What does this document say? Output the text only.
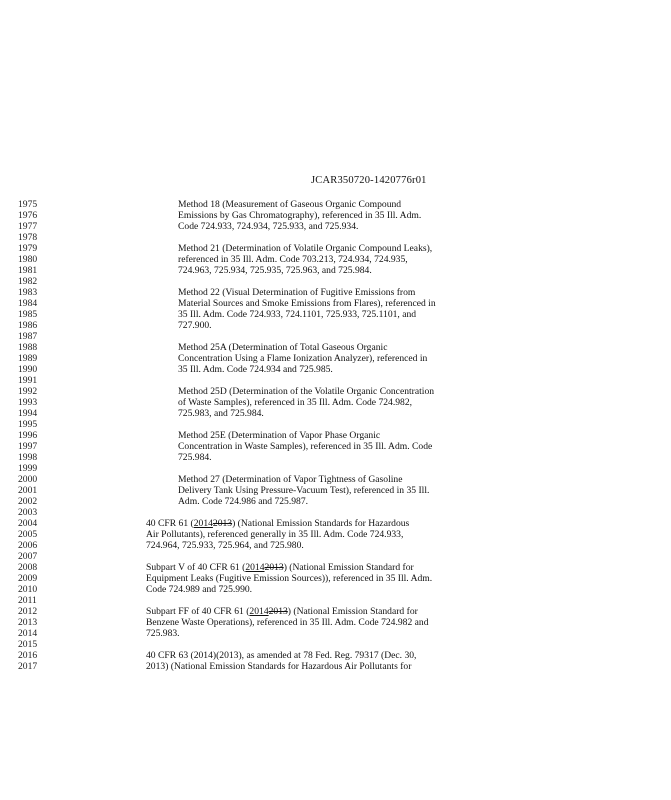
JCAR350720-1420776r01
1975	Method 18 (Measurement of Gaseous Organic Compound
1976	Emissions by Gas Chromatography), referenced in 35 Ill. Adm.
1977	Code 724.933, 724.934, 725.933, and 725.934.
1978
1979	Method 21 (Determination of Volatile Organic Compound Leaks),
1980	referenced in 35 Ill. Adm. Code 703.213, 724.934, 724.935,
1981	724.963, 725.934, 725.935, 725.963, and 725.984.
1982
1983	Method 22 (Visual Determination of Fugitive Emissions from
1984	Material Sources and Smoke Emissions from Flares), referenced in
1985	35 Ill. Adm. Code 724.933, 724.1101, 725.933, 725.1101, and
1986	727.900.
1987
1988	Method 25A (Determination of Total Gaseous Organic
1989	Concentration Using a Flame Ionization Analyzer), referenced in
1990	35 Ill. Adm. Code 724.934 and 725.985.
1991
1992	Method 25D (Determination of the Volatile Organic Concentration
1993	of Waste Samples), referenced in 35 Ill. Adm. Code 724.982,
1994	725.983, and 725.984.
1995
1996	Method 25E (Determination of Vapor Phase Organic
1997	Concentration in Waste Samples), referenced in 35 Ill. Adm. Code
1998	725.984.
1999
2000	Method 27 (Determination of Vapor Tightness of Gasoline
2001	Delivery Tank Using Pressure-Vacuum Test), referenced in 35 Ill.
2002	Adm. Code 724.986 and 725.987.
2003
2004	40 CFR 61 (20142013) (National Emission Standards for Hazardous
2005	Air Pollutants), referenced generally in 35 Ill. Adm. Code 724.933,
2006	724.964, 725.933, 725.964, and 725.980.
2007
2008	Subpart V of 40 CFR 61 (20142013) (National Emission Standard for
2009	Equipment Leaks (Fugitive Emission Sources)), referenced in 35 Ill. Adm.
2010	Code 724.989 and 725.990.
2011
2012	Subpart FF of 40 CFR 61 (20142013) (National Emission Standard for
2013	Benzene Waste Operations), referenced in 35 Ill. Adm. Code 724.982 and
2014	725.983.
2015
2016	40 CFR 63 (2014)(2013), as amended at 78 Fed. Reg. 79317 (Dec. 30,
2017	2013) (National Emission Standards for Hazardous Air Pollutants for
